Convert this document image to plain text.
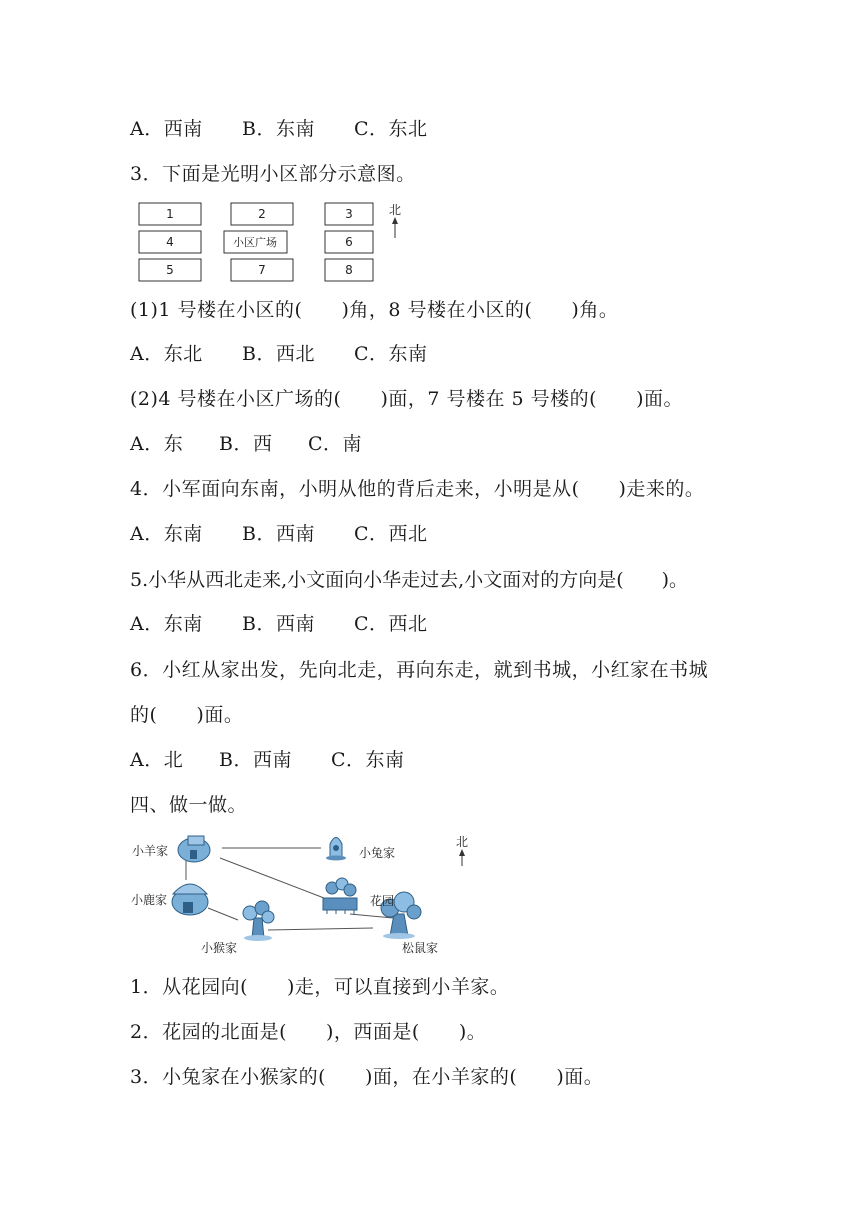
A．西南 B．东南 C．东北
3．下面是光明小区部分示意图。
1	2	3
4	小区广场	6
5	7	8
北
(1)1 号楼在小区的(　　)角，8 号楼在小区的(　　)角。
A．东北 B．西北 C．东南
(2)4 号楼在小区广场的(　　)面，7 号楼在 5 号楼的(　　)面。
A．东 B．西 C．南
4．小军面向东南，小明从他的背后走来，小明是从(　　)走来的。
A．东南 B．西南 C．西北
5.小华从西北走来,小文面向小华走过去,小文面对的方向是(　　)。
A．东南 B．西南 C．西北
6．小红从家出发，先向北走，再向东走，就到书城，小红家在书城
的(　　)面。
A．北 B．西南 C．东南
四、做一做。
小羊家	小兔家
花园
小鹿家
小猴家	松鼠家
北
1．从花园向(　　)走，可以直接到小羊家。
2．花园的北面是(　　)，西面是(　　)。
3．小兔家在小猴家的(　　)面，在小羊家的(　　)面。
